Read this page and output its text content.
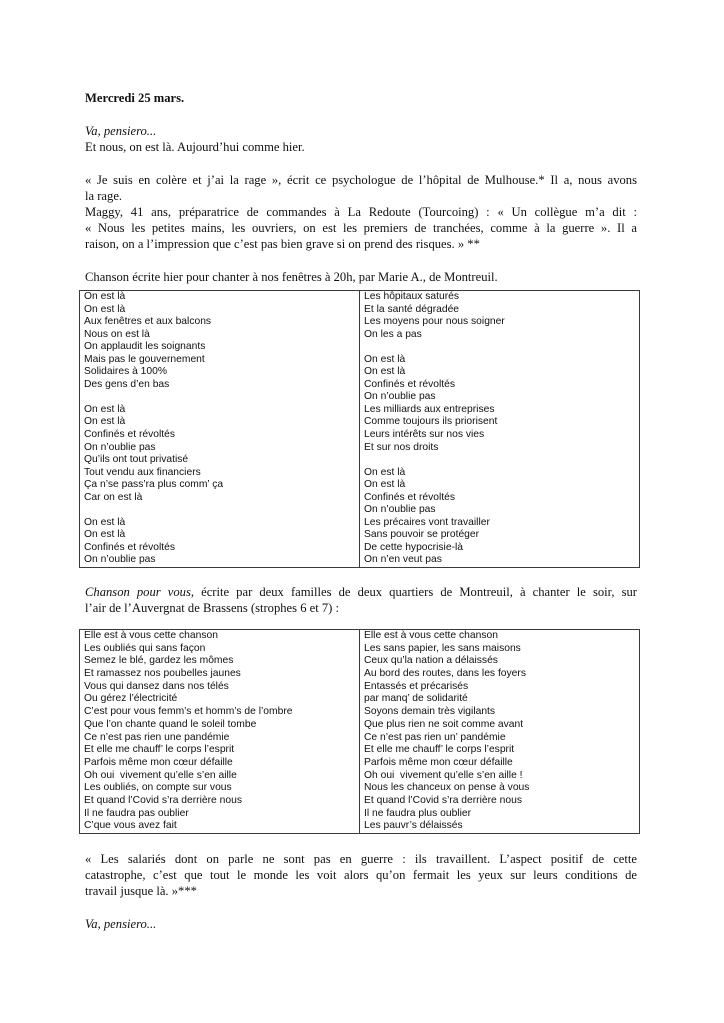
Mercredi 25 mars.

Va, pensiero...

Et nous, on est là. Aujourd’hui comme hier.

« Je suis en colère et j’ai la rage », écrit ce psychologue de l’hôpital de Mulhouse.* Il a, nous avons
la rage.
Maggy, 41 ans, préparatrice de commandes à La Redoute (Tourcoing) : « Un collègue m’a dit :
« Nous les petites mains, les ouvriers, on est les premiers de tranchées, comme à la guerre ». Il a
raison, on a l’impression que c’est pas bien grave si on prend des risques. » **

Chanson écrite hier pour chanter à nos fenêtres à 20h, par Marie A., de Montreuil.

On est là
On est là
Aux fenêtres et aux balcons
Nous on est là
On applaudit les soignants
Mais pas le gouvernement
Solidaires à 100%
Des gens d’en bas
On est là
On est là
Confinés et révoltés
On n’oublie pas
Qu’ils ont tout privatisé
Tout vendu aux financiers
Ça n’se pass’ra plus comm’ ça
Car on est là
On est là
On est là
Confinés et révoltés
On n’oublie pas

Les hôpitaux saturés
Et la santé dégradée
Les moyens pour nous soigner
On les a pas
On est là
On est là
Confinés et révoltés
On n’oublie pas
Les milliards aux entreprises
Comme toujours ils priorisent
Leurs intérêts sur nos vies
Et sur nos droits
On est là
On est là
Confinés et révoltés
On n’oublie pas
Les précaires vont travailler
Sans pouvoir se protéger
De cette hypocrisie-là
On n’en veut pas
Chanson pour vous, écrite par deux familles de deux quartiers de Montreuil, à chanter le soir, sur
l’air de l’Auvergnat de Brassens (strophes 6 et 7) :
Elle est à vous cette chanson
Les oubliés qui sans façon
Semez le blé, gardez les mômes
Et ramassez nos poubelles jaunes
Vous qui dansez dans nos télés
Ou gérez l’électricité
C’est pour vous femm’s et homm’s de l’ombre
Que l’on chante quand le soleil tombe
Ce n’est pas rien une pandémie
Et elle me chauff’ le corps l’esprit
Parfois même mon cœur défaille
Oh oui  vivement qu’elle s’en aille
Les oubliés, on compte sur vous
Et quand l’Covid s’ra derrière nous
Il ne faudra pas oublier
C’que vous avez fait

Elle est à vous cette chanson
Les sans papier, les sans maisons
Ceux qu’la nation a délaissés
Au bord des routes, dans les foyers
Entassés et précarisés
par manq’ de solidarité
Soyons demain très vigilants
Que plus rien ne soit comme avant
Ce n’est pas rien un’ pandémie
Et elle me chauff’ le corps l’esprit
Parfois même mon cœur défaille
Oh oui  vivement qu’elle s’en aille !
Nous les chanceux on pense à vous
Et quand l’Covid s’ra derrière nous
Il ne faudra plus oublier
Les pauvr’s délaissés
« Les salariés dont on parle ne sont pas en guerre : ils travaillent. L’aspect positif de cette
catastrophe, c’est que tout le monde les voit alors qu’on fermait les yeux sur leurs conditions de
travail jusque là. »***

Va, pensiero...
